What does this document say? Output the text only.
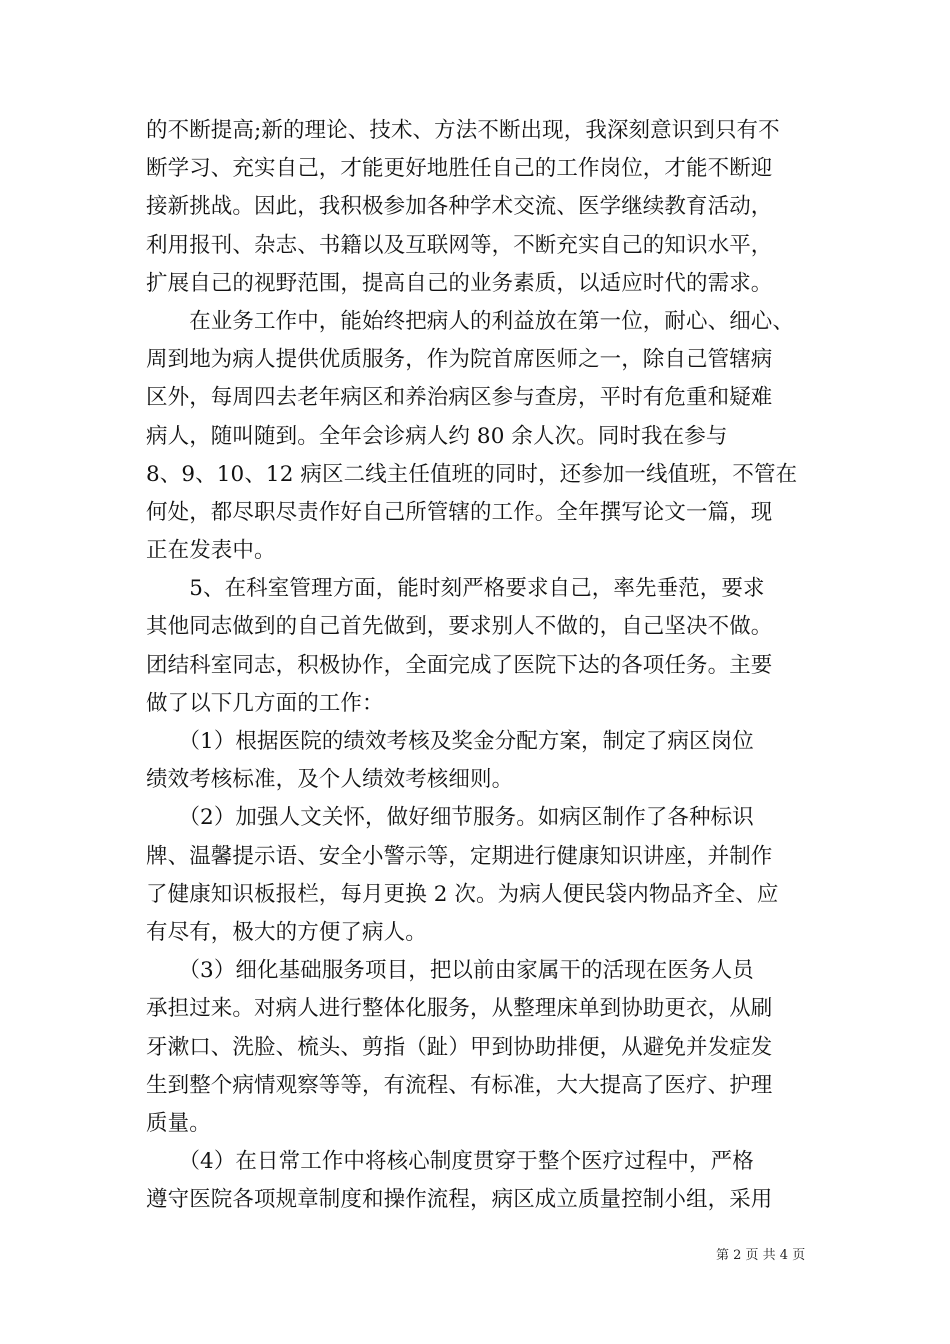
的不断提高;新的理论、技术、方法不断出现，我深刻意识到只有不
断学习、充实自己，才能更好地胜任自己的工作岗位，才能不断迎
接新挑战。因此，我积极参加各种学术交流、医学继续教育活动，
利用报刊、杂志、书籍以及互联网等，不断充实自己的知识水平，
扩展自己的视野范围，提高自己的业务素质，以适应时代的需求。
　　在业务工作中，能始终把病人的利益放在第一位，耐心、细心、
周到地为病人提供优质服务，作为院首席医师之一，除自己管辖病
区外，每周四去老年病区和养治病区参与查房，平时有危重和疑难
病人，随叫随到。全年会诊病人约 80 余人次。同时我在参与
8、9、10、12 病区二线主任值班的同时，还参加一线值班，不管在
何处，都尽职尽责作好自己所管辖的工作。全年撰写论文一篇，现
正在发表中。
　　5、在科室管理方面，能时刻严格要求自己，率先垂范，要求
其他同志做到的自己首先做到，要求别人不做的，自己坚决不做。
团结科室同志，积极协作，全面完成了医院下达的各项任务。主要
做了以下几方面的工作：
　　（1）根据医院的绩效考核及奖金分配方案，制定了病区岗位
绩效考核标准，及个人绩效考核细则。
　　（2）加强人文关怀，做好细节服务。如病区制作了各种标识
牌、温馨提示语、安全小警示等，定期进行健康知识讲座，并制作
了健康知识板报栏，每月更换 2 次。为病人便民袋内物品齐全、应
有尽有，极大的方便了病人。
　　（3）细化基础服务项目，把以前由家属干的活现在医务人员
承担过来。对病人进行整体化服务，从整理床单到协助更衣，从刷
牙漱口、洗脸、梳头、剪指（趾）甲到协助排便，从避免并发症发
生到整个病情观察等等，有流程、有标准，大大提高了医疗、护理
质量。
　　（4）在日常工作中将核心制度贯穿于整个医疗过程中，严格
遵守医院各项规章制度和操作流程，病区成立质量控制小组，采用
第 2 页 共 4 页
